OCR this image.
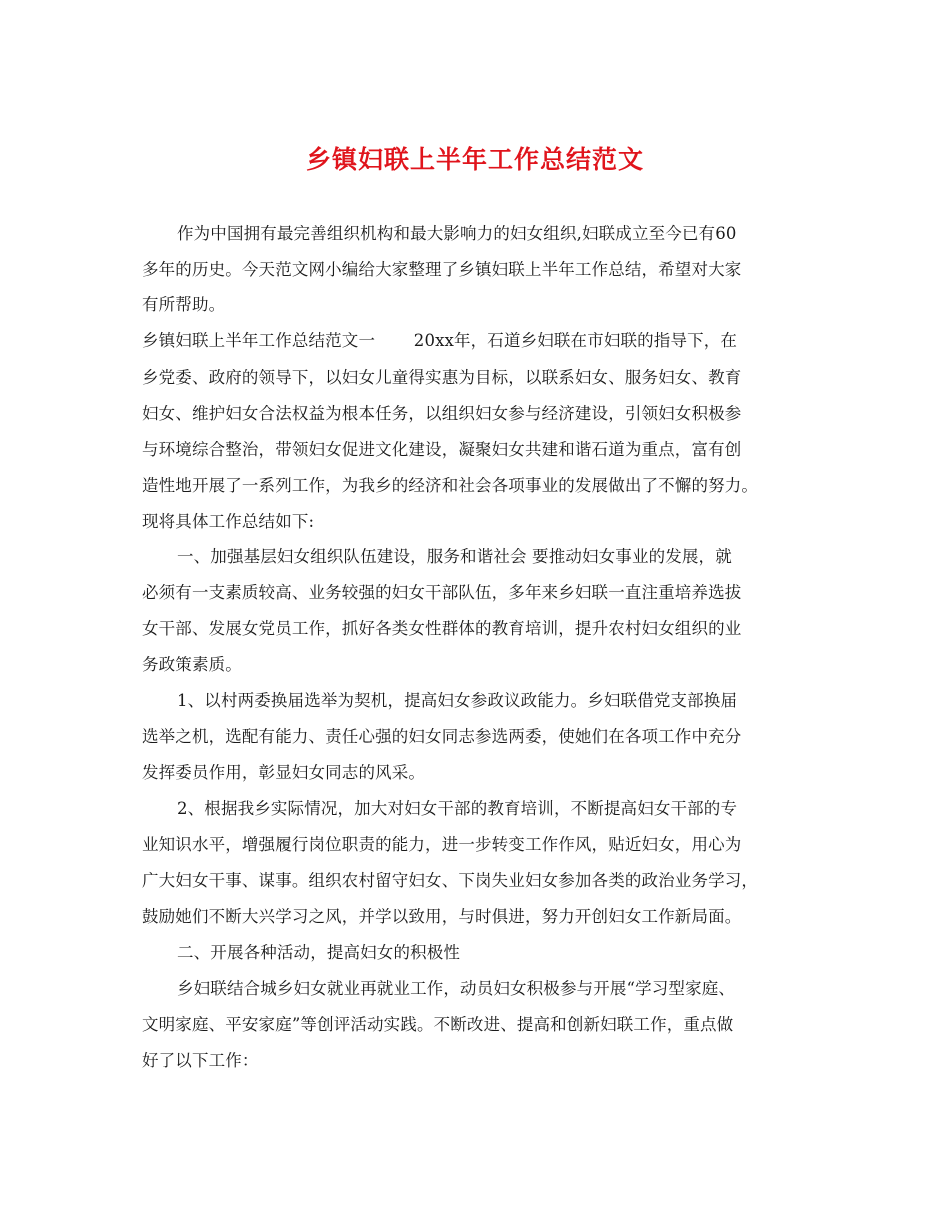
乡镇妇联上半年工作总结范文
作为中国拥有最完善组织机构和最大影响力的妇女组织,妇联成立至今已有60
多年的历史。今天范文网小编给大家整理了乡镇妇联上半年工作总结，希望对大家
有所帮助。
乡镇妇联上半年工作总结范文一　　 20xx年，石道乡妇联在市妇联的指导下，在
乡党委、政府的领导下，以妇女儿童得实惠为目标，以联系妇女、服务妇女、教育
妇女、维护妇女合法权益为根本任务，以组织妇女参与经济建设，引领妇女积极参
与环境综合整治，带领妇女促进文化建设，凝聚妇女共建和谐石道为重点，富有创
造性地开展了一系列工作，为我乡的经济和社会各项事业的发展做出了不懈的努力。
现将具体工作总结如下:
一、加强基层妇女组织队伍建设，服务和谐社会 要推动妇女事业的发展，就
必须有一支素质较高、业务较强的妇女干部队伍，多年来乡妇联一直注重培养选拔
女干部、发展女党员工作，抓好各类女性群体的教育培训，提升农村妇女组织的业
务政策素质。
1、以村两委换届选举为契机，提高妇女参政议政能力。乡妇联借党支部换届
选举之机，选配有能力、责任心强的妇女同志参选两委，使她们在各项工作中充分
发挥委员作用，彰显妇女同志的风采。
2、根据我乡实际情况，加大对妇女干部的教育培训，不断提高妇女干部的专
业知识水平，增强履行岗位职责的能力，进一步转变工作作风，贴近妇女，用心为
广大妇女干事、谋事。组织农村留守妇女、下岗失业妇女参加各类的政治业务学习，
鼓励她们不断大兴学习之风，并学以致用，与时俱进，努力开创妇女工作新局面。
二、开展各种活动，提高妇女的积极性
乡妇联结合城乡妇女就业再就业工作，动员妇女积极参与开展“学习型家庭、
文明家庭、平安家庭”等创评活动实践。不断改进、提高和创新妇联工作，重点做
好了以下工作：
